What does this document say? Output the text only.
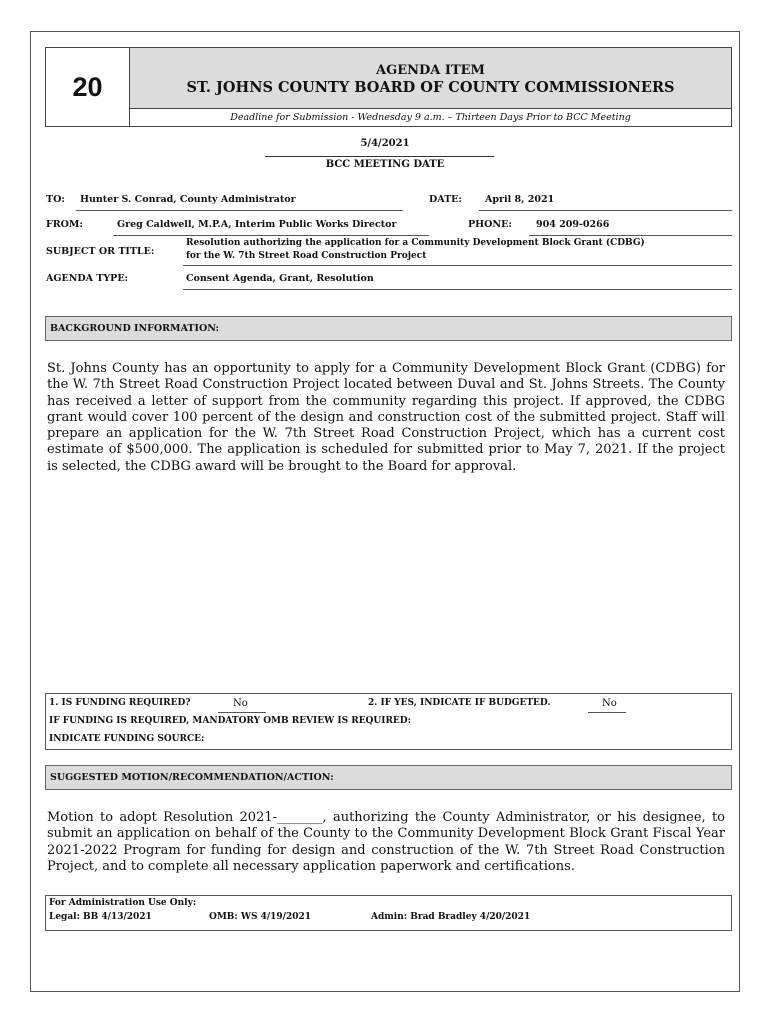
20
AGENDA ITEM
ST. JOHNS COUNTY BOARD OF COUNTY COMMISSIONERS
Deadline for Submission - Wednesday 9 a.m. – Thirteen Days Prior to BCC Meeting
5/4/2021
BCC MEETING DATE
TO: Hunter S. Conrad, County Administrator	DATE: April 8, 2021
FROM:	Greg Caldwell, M.P.A, Interim Public Works Director	PHONE:	904 209-0266
SUBJECT OR TITLE:
Resolution authorizing the application for a Community Development Block Grant (CDBG)
for the W. 7th Street Road Construction Project
AGENDA TYPE:	Consent Agenda, Grant, Resolution
BACKGROUND INFORMATION:
St. Johns County has an opportunity to apply for a Community Development Block Grant (CDBG) for the W. 7th Street Road Construction Project located between Duval and St. Johns Streets. The County has received a letter of support from the community regarding this project. If approved, the CDBG grant would cover 100 percent of the design and construction cost of the submitted project. Staff will prepare an application for the W. 7th Street Road Construction Project, which has a current cost estimate of $500,000. The application is scheduled for submitted prior to May 7, 2021. If the project is selected, the CDBG award will be brought to the Board for approval.
1. IS FUNDING REQUIRED?	No	2. IF YES, INDICATE IF BUDGETED.	No
IF FUNDING IS REQUIRED, MANDATORY OMB REVIEW IS REQUIRED:
INDICATE FUNDING SOURCE:
SUGGESTED MOTION/RECOMMENDATION/ACTION:
Motion to adopt Resolution 2021-_______, authorizing the County Administrator, or his designee, to submit an application on behalf of the County to the Community Development Block Grant Fiscal Year 2021-2022 Program for funding for design and construction of the W. 7th Street Road Construction Project, and to complete all necessary application paperwork and certifications.
For Administration Use Only:
Legal: BB 4/13/2021	OMB: WS 4/19/2021	Admin: Brad Bradley 4/20/2021
